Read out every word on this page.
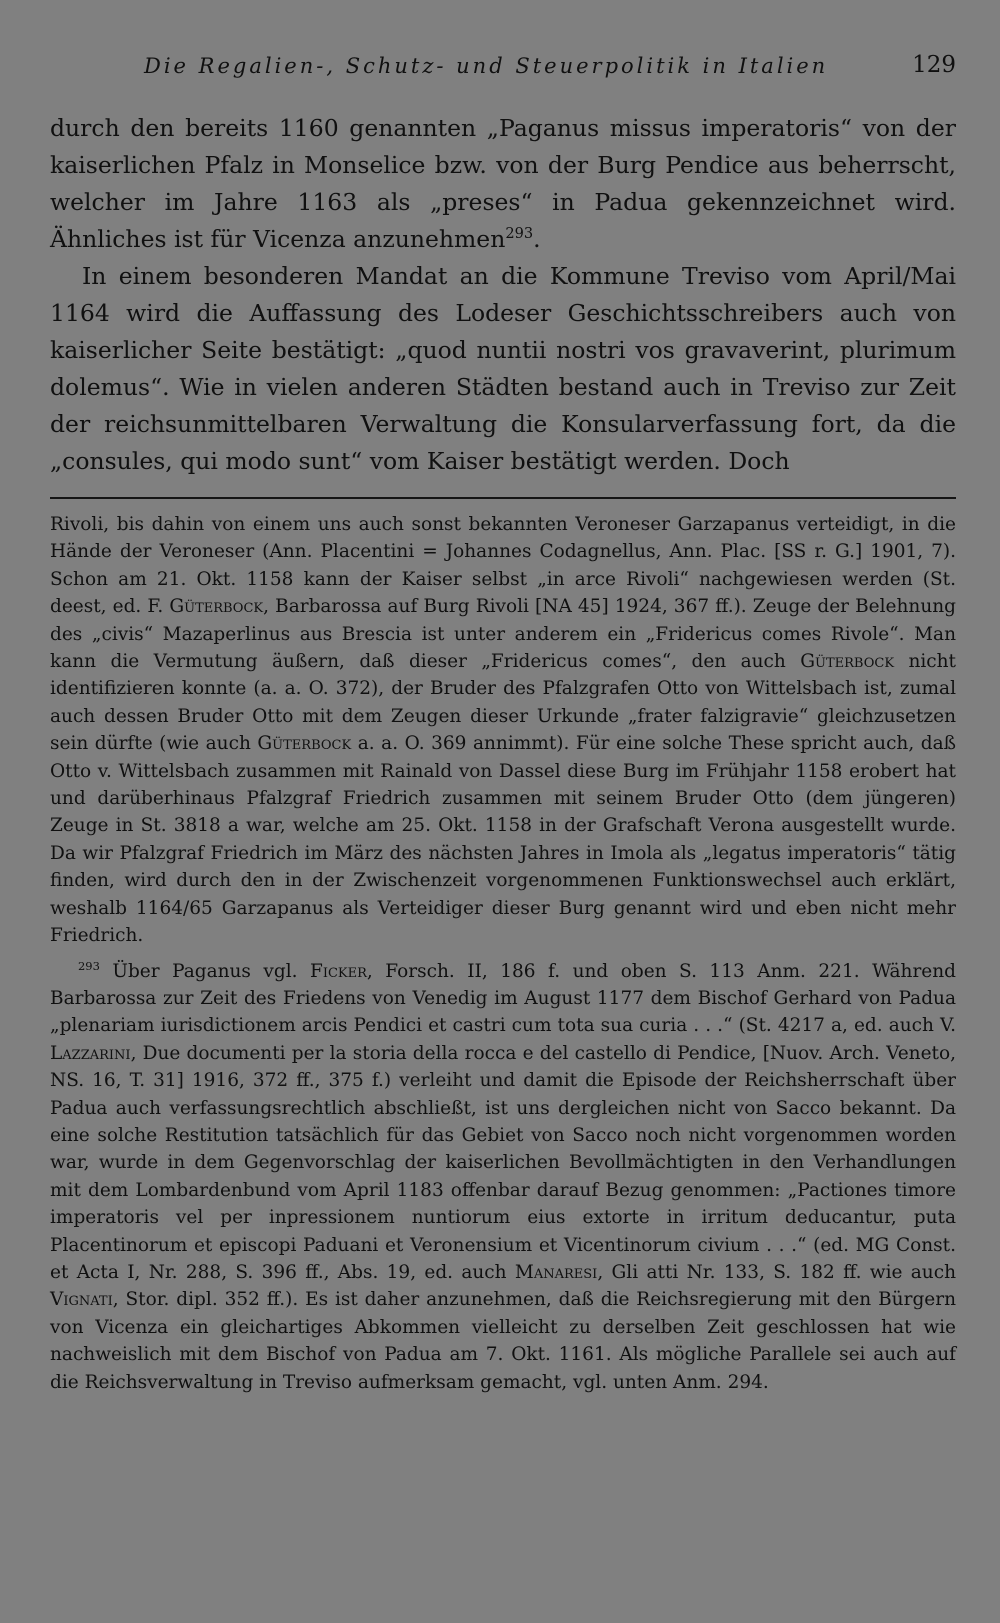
Die Regalien-, Schutz- und Steuerpolitik in Italien	129

durch den bereits 1160 genannten „Paganus missus imperatoris“ von der kaiserlichen Pfalz in Monselice bzw. von der Burg Pendice aus beherrscht, welcher im Jahre 1163 als „preses“ in Padua gekennzeichnet wird. Ähnliches ist für Vicenza anzunehmen$^{293}$.

In einem besonderen Mandat an die Kommune Treviso vom April/Mai 1164 wird die Auffassung des Lodeser Geschichtsschreibers auch von kaiserlicher Seite bestätigt: „quod nuntii nostri vos gravaverint, plurimum dolemus“. Wie in vielen anderen Städten bestand auch in Treviso zur Zeit der reichsunmittelbaren Verwaltung die Konsularverfassung fort, da die „consules, qui modo sunt“ vom Kaiser bestätigt werden. Doch

Rivoli, bis dahin von einem uns auch sonst bekannten Veroneser Garzapanus verteidigt, in die Hände der Veroneser (Ann. Placentini = Johannes Codagnellus, Ann. Plac. [SS r. G.] 1901, 7). Schon am 21. Okt. 1158 kann der Kaiser selbst „in arce Rivoli“ nachgewiesen werden (St. deest, ed. F. Güterbock, Barbarossa auf Burg Rivoli [NA 45] 1924, 367 ff.). Zeuge der Belehnung des „civis“ Mazaperlinus aus Brescia ist unter anderem ein „Fridericus comes Rivole“. Man kann die Vermutung äußern, daß dieser „Fridericus comes“, den auch Güterbock nicht identifizieren konnte (a. a. O. 372), der Bruder des Pfalzgrafen Otto von Wittelsbach ist, zumal auch dessen Bruder Otto mit dem Zeugen dieser Urkunde „frater falzigravie“ gleichzusetzen sein dürfte (wie auch Güterbock a. a. O. 369 annimmt). Für eine solche These spricht auch, daß Otto v. Wittelsbach zusammen mit Rainald von Dassel diese Burg im Frühjahr 1158 erobert hat und darüberhinaus Pfalzgraf Friedrich zusammen mit seinem Bruder Otto (dem jüngeren) Zeuge in St. 3818 a war, welche am 25. Okt. 1158 in der Grafschaft Verona ausgestellt wurde. Da wir Pfalzgraf Friedrich im März des nächsten Jahres in Imola als „legatus imperatoris“ tätig finden, wird durch den in der Zwischenzeit vorgenommenen Funktionswechsel auch erklärt, weshalb 1164/65 Garzapanus als Verteidiger dieser Burg genannt wird und eben nicht mehr Friedrich.

$^{293}$ Über Paganus vgl. Ficker, Forsch. II, 186 f. und oben S. 113 Anm. 221. Während Barbarossa zur Zeit des Friedens von Venedig im August 1177 dem Bischof Gerhard von Padua „plenariam iurisdictionem arcis Pendici et castri cum tota sua curia . . .“ (St. 4217 a, ed. auch V. Lazzarini, Due documenti per la storia della rocca e del castello di Pendice, [Nuov. Arch. Veneto, NS. 16, T. 31] 1916, 372 ff., 375 f.) verleiht und damit die Episode der Reichsherrschaft über Padua auch verfassungsrechtlich abschließt, ist uns dergleichen nicht von Sacco bekannt. Da eine solche Restitution tatsächlich für das Gebiet von Sacco noch nicht vorgenommen worden war, wurde in dem Gegenvorschlag der kaiserlichen Bevollmächtigten in den Verhandlungen mit dem Lombardenbund vom April 1183 offenbar darauf Bezug genommen: „Pactiones timore imperatoris vel per inpressionem nuntiorum eius extorte in irritum deducantur, puta Placentinorum et episcopi Paduani et Veronensium et Vicentinorum civium . . .“ (ed. MG Const. et Acta I, Nr. 288, S. 396 ff., Abs. 19, ed. auch Manaresi, Gli atti Nr. 133, S. 182 ff. wie auch Vignati, Stor. dipl. 352 ff.). Es ist daher anzunehmen, daß die Reichsregierung mit den Bürgern von Vicenza ein gleichartiges Abkommen vielleicht zu derselben Zeit geschlossen hat wie nachweislich mit dem Bischof von Padua am 7. Okt. 1161. Als mögliche Parallele sei auch auf die Reichsverwaltung in Treviso aufmerksam gemacht, vgl. unten Anm. 294.
